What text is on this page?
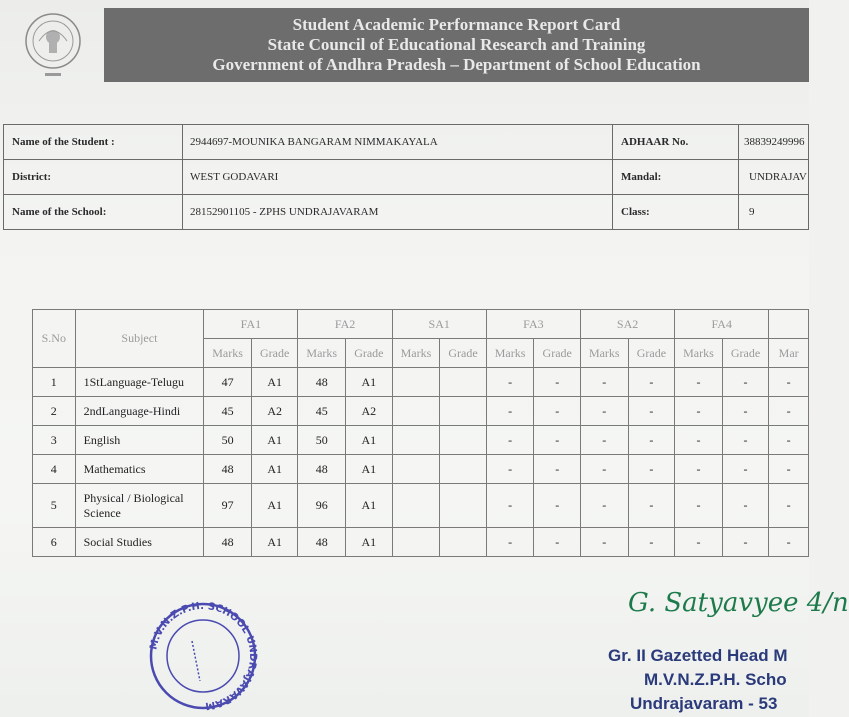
Student Academic Performance Report Card
State Council of Educational Research and Training
Government of Andhra Pradesh – Department of School Education
Name of the Student :	2944697-MOUNIKA BANGARAM NIMMAKAYALA	ADHAAR No.	38839249996
District:	WEST GODAVARI	Mandal:	UNDRAJAV
Name of the School:	28152901105 - ZPHS UNDRAJAVARAM	Class:	9
S.No	Subject	FA1		FA2		SA1		FA3		SA2		FA4		
		Marks	Grade	Marks	Grade	Marks	Grade	Marks	Grade	Marks	Grade	Marks	Grade	Mar
1	1StLanguage-Telugu	47	A1	48	A1			-	-	-	-	-	-	-
2	2ndLanguage-Hindi	45	A2	45	A2			-	-	-	-	-	-	-
3	English	50	A1	50	A1			-	-	-	-	-	-	-
4	Mathematics	48	A1	48	A1			-	-	-	-	-	-	-
5	Physical / Biological Science	97	A1	96	A1			-	-	-	-	-	-	-
6	Social Studies	48	A1	48	A1			-	-	-	-	-	-	-
M.V.N.Z.P.H. SCHOOL UNDRAJAVARAM
G. Satyavyee 4/n
Gr. II Gazetted Head M
M.V.N.Z.P.H. Scho
Undrajavaram - 53
